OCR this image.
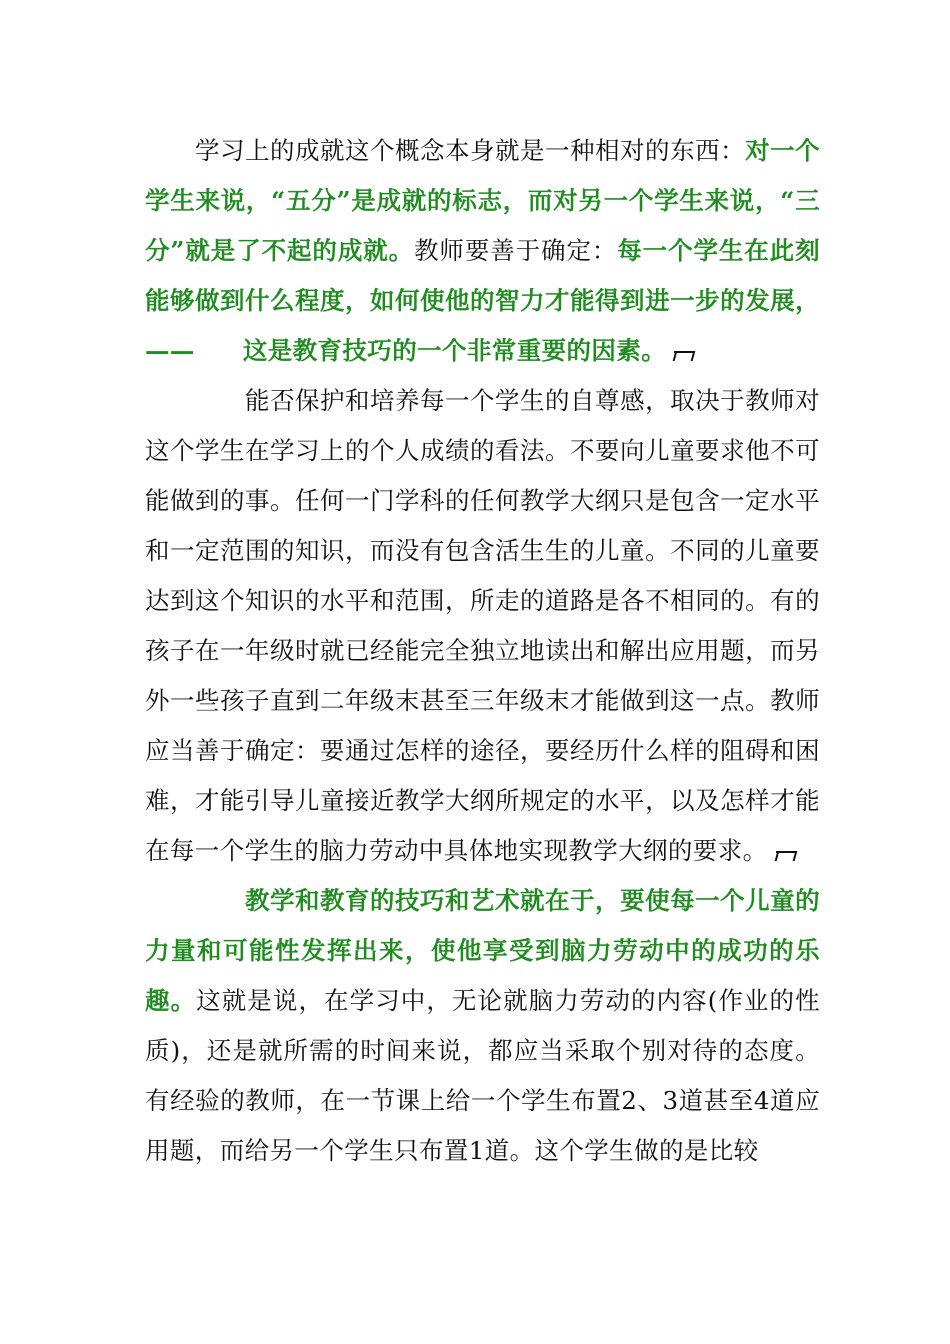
学习上的成就这个概念本身就是一种相对的东西：对一个学生来说，“五分”是成就的标志，而对另一个学生来说，“三分”就是了不起的成就。教师要善于确定：每一个学生在此刻能够做到什么程度，如何使他的智力才能得到进一步的发展，—— 这是教育技巧的一个非常重要的因素。

能否保护和培养每一个学生的自尊感，取决于教师对这个学生在学习上的个人成绩的看法。不要向儿童要求他不可能做到的事。任何一门学科的任何教学大纲只是包含一定水平和一定范围的知识，而没有包含活生生的儿童。不同的儿童要达到这个知识的水平和范围，所走的道路是各不相同的。有的孩子在一年级时就已经能完全独立地读出和解出应用题，而另外一些孩子直到二年级末甚至三年级末才能做到这一点。教师应当善于确定：要通过怎样的途径，要经历什么样的阻碍和困难，才能引导儿童接近教学大纲所规定的水平，以及怎样才能在每一个学生的脑力劳动中具体地实现教学大纲的要求。

教学和教育的技巧和艺术就在于，要使每一个儿童的力量和可能性发挥出来，使他享受到脑力劳动中的成功的乐趣。这就是说，在学习中，无论就脑力劳动的内容(作业的性质)，还是就所需的时间来说，都应当采取个别对待的态度。有经验的教师，在一节课上给一个学生布置2、3道甚至4道应用题，而给另一个学生只布置1道。这个学生做的是比较
